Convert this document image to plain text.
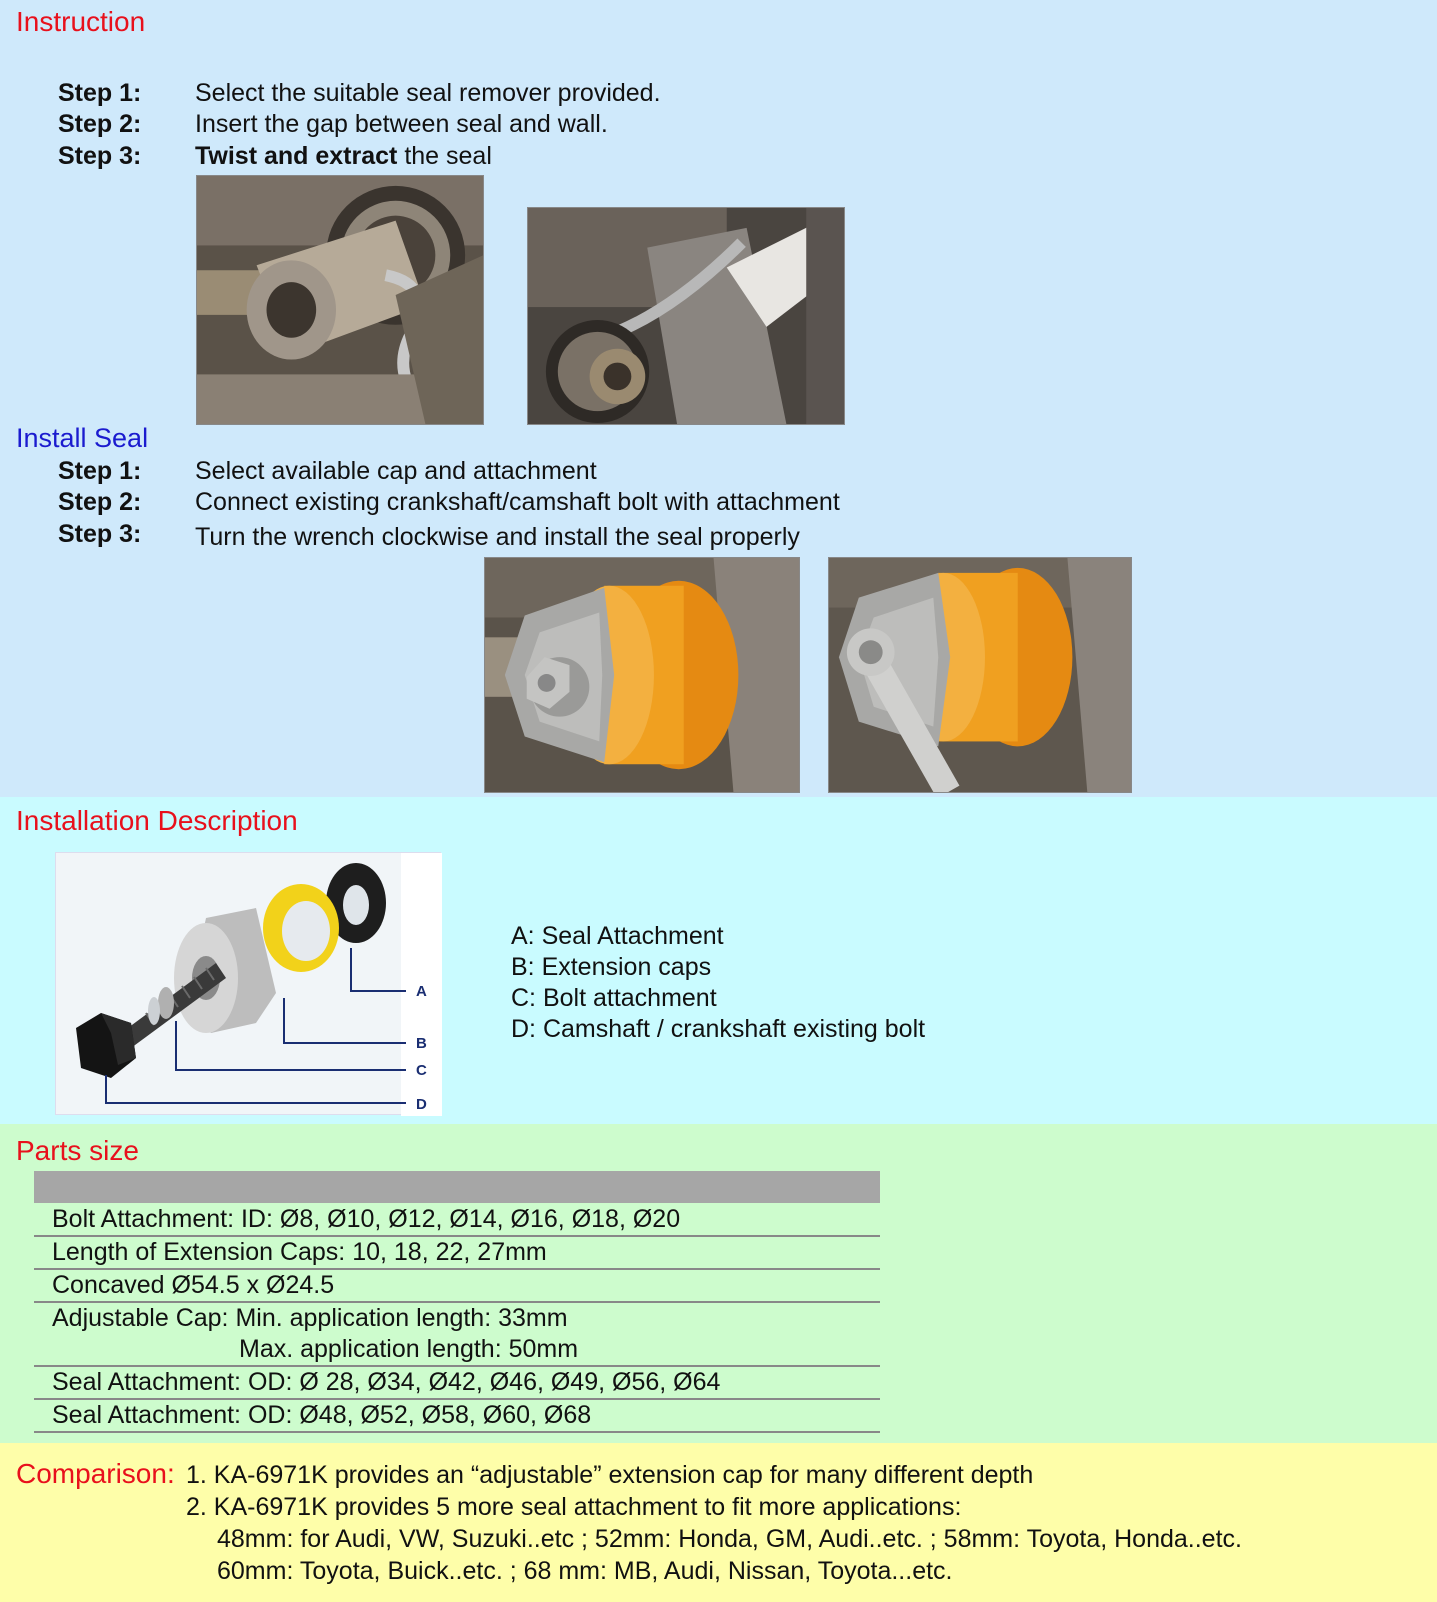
Instruction
Step 1: Select the suitable seal remover provided.
Step 2: Insert the gap between seal and wall.
Step 3: Twist and extract the seal
Install Seal
Step 1: Select available cap and attachment
Step 2: Connect existing crankshaft/camshaft bolt with attachment
Step 3: Turn the wrench clockwise and install the seal properly
Installation Description
A
B
C
D
A: Seal Attachment
B: Extension caps
C: Bolt attachment
D: Camshaft / crankshaft existing bolt
Parts size
Bolt Attachment: ID: Ø8, Ø10, Ø12, Ø14, Ø16, Ø18, Ø20
Length of Extension Caps: 10, 18, 22, 27mm
Concaved Ø54.5 x Ø24.5
Adjustable Cap: Min. application length: 33mm
Max. application length: 50mm
Seal Attachment: OD: Ø 28, Ø34, Ø42, Ø46, Ø49, Ø56, Ø64
Seal Attachment: OD: Ø48, Ø52, Ø58, Ø60, Ø68
Comparison: 1. KA-6971K provides an “adjustable” extension cap for many different depth
2. KA-6971K provides 5 more seal attachment to fit more applications:
48mm: for Audi, VW, Suzuki..etc ; 52mm: Honda, GM, Audi..etc. ; 58mm: Toyota, Honda..etc.
60mm: Toyota, Buick..etc. ; 68 mm: MB, Audi, Nissan, Toyota...etc.
